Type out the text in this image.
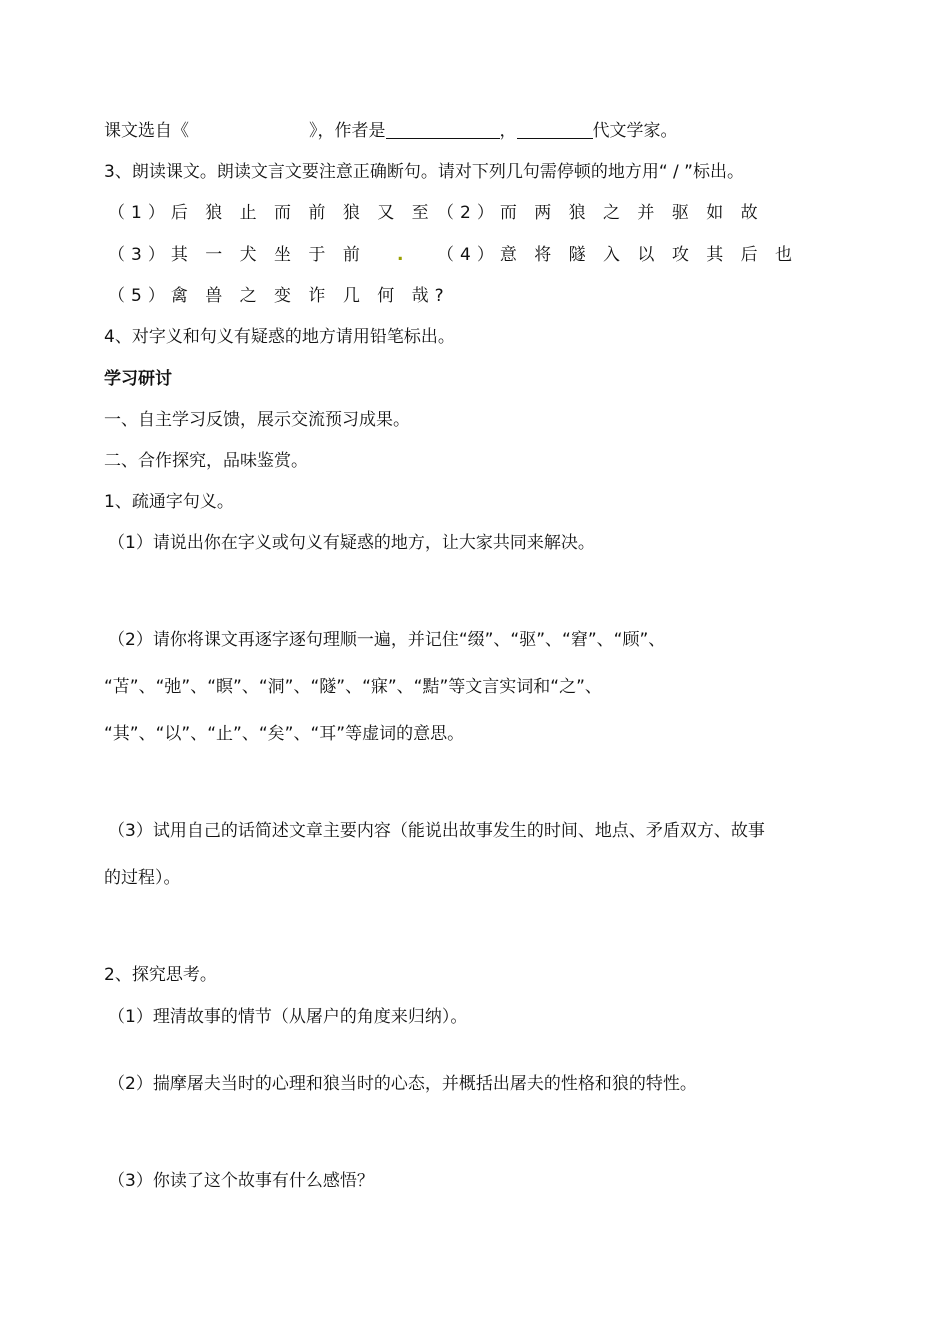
课文选自《	》，作者是	，	代文学家。
3、朗读课文。朗读文言文要注意正确断句。请对下列几句需停顿的地方用“ / ”标出。
（1）后 狼 止 而 前 狼 又 至 （2）而 两 狼 之 并 驱 如 故
（3）其 一 犬 坐 于 前 . （4）意 将 隧 入 以 攻 其 后 也
（5）禽 兽 之 变 诈 几 何 哉?
4、对字义和句义有疑惑的地方请用铅笔标出。
学习研讨
一、自主学习反馈，展示交流预习成果。
二、合作探究，品味鉴赏。
1、疏通字句义。
（1）请说出你在字义或句义有疑惑的地方，让大家共同来解决。
（2）请你将课文再逐字逐句理顺一遍，并记住“缀”、“驱”、“窘”、“顾”、
“苫”、“弛”、“瞑”、“洞”、“隧”、“寐”、“黠”等文言实词和“之”、
“其”、“以”、“止”、“矣”、“耳”等虚词的意思。
（3）试用自己的话简述文章主要内容（能说出故事发生的时间、地点、矛盾双方、故事
的过程）。
2、探究思考。
（1）理清故事的情节（从屠户的角度来归纳）。
（2）揣摩屠夫当时的心理和狼当时的心态，并概括出屠夫的性格和狼的特性。
（3）你读了这个故事有什么感悟？
